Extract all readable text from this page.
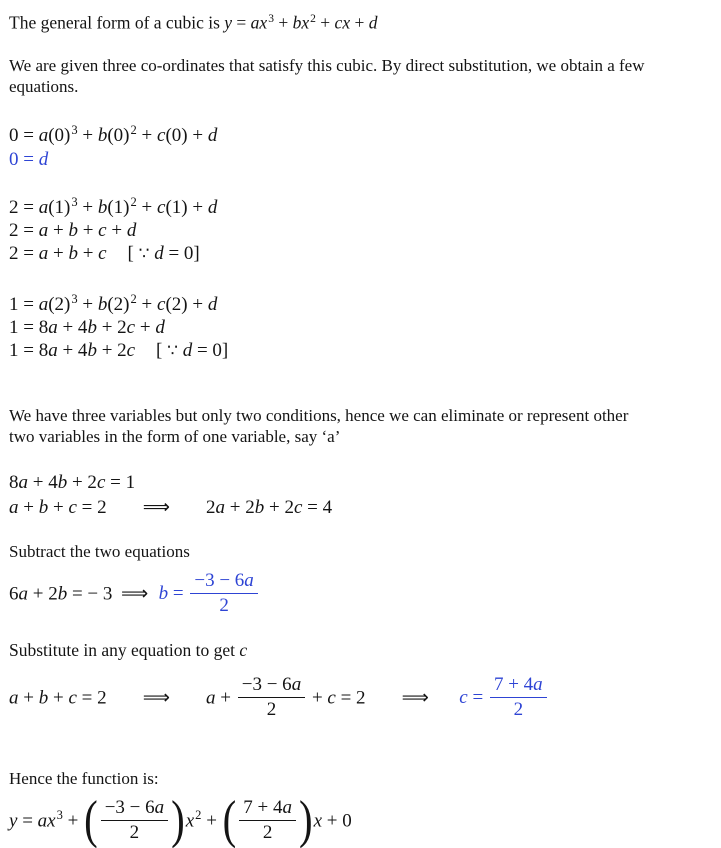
The general form of a cubic is $y = ax^3 + bx^2$ + cx + d
We are given three co-ordinates that satisfy this cubic. By direct substitution, we obtain a few
equations.
$0 = a(0)^3 + b(0)^2 + c(0) + d$
0 = d
$2 = a(1)^3 + b(1)^2 + c(1) + d$
2 = a + b + c + d
2 = a + b + c [ ∵ d = 0]
$1 = a(2)^3 + b(2)^2 + c(2) + d$
1 = 8a + 4b + 2c + d
1 = 8a + 4b + 2c [ ∵ d = 0]
We have three variables but only two conditions, hence we can eliminate or represent other
two variables in the form of one variable, say ‘a’
8a + 4b + 2c = 1
a + b + c = 2 ⟹ 2a + 2b + 2c = 4
Subtract the two equations
6a + 2b = − 3 ⟹ $b = \frac{-3 - 6a}{2}$
Substitute in any equation to get c
a + b + c = 2 ⟹ $a + \frac{-3 - 6a}{2} + c = 2$ ⟹ $c = \frac{7 + 4a}{2}$
Hence the function is:
$y = ax^3$ + ( $\frac{-3 - 6a}{2} )x^2$ + ( $\frac{7 + 4a}{2} )x + 0$
